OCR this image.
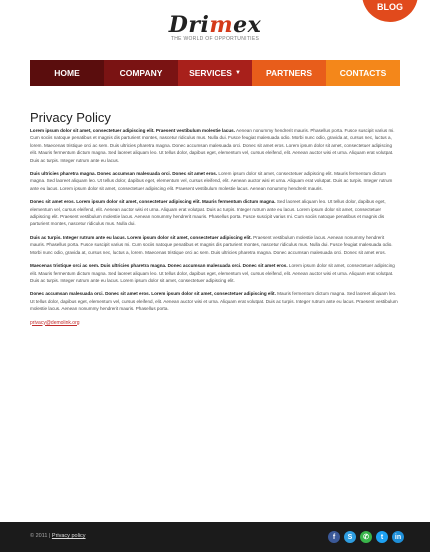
BLOG
Drimex
THE WORLD OF OPPORTUNITIES
HOME	COMPANY	SERVICES ▼	PARTNERS	CONTACTS
Privacy Policy

Lorem ipsum dolor sit amet, consectetuer adipiscing elit. Praesent vestibulum molestie lacus. Aenean nonummy hendrerit mauris. Phasellus porta. Fusce suscipit varius mi. Cum sociis natoque penatibus et magnis dis parturient montes, nascetur ridiculus mus. Nulla dui. Fusce feugiat malesuada odio. Morbi nunc odio, gravida at, cursus nec, luctus a, lorem. Maecenas tristique orci ac sem. Duis ultricies pharetra magna. Donec accumsan malesuada orci. Donec sit amet eros. Lorem ipsum dolor sit amet, consectetuer adipiscing elit. Mauris fermentum dictum magna. Sed laoreet aliquam leo. Ut tellus dolor, dapibus eget, elementum vel, cursus eleifend, elit. Aenean auctor wisi et urna. Aliquam erat volutpat. Duis ac turpis. Integer rutrum ante eu lacus.

Duis ultricies pharetra magna. Donec accumsan malesuada orci. Donec sit amet eros. Lorem ipsum dolor sit amet, consectetuer adipiscing elit. Mauris fermentum dictum magna. Sed laoreet aliquam leo. Ut tellus dolor, dapibus eget, elementum vel, cursus eleifend, elit. Aenean auctor wisi et urna. Aliquam erat volutpat. Duis ac turpis. Integer rutrum ante eu lacus. Lorem ipsum dolor sit amet, consectetuer adipiscing elit. Praesent vestibulum molestie lacus. Aenean nonummy hendrerit mauris.

Donec sit amet eros. Lorem ipsum dolor sit amet, consectetuer adipiscing elit. Mauris fermentum dictum magna. Sed laoreet aliquam leo. Ut tellus dolor, dapibus eget, elementum vel, cursus eleifend, elit. Aenean auctor wisi et urna. Aliquam erat volutpat. Duis ac turpis. Integer rutrum ante eu lacus. Lorem ipsum dolor sit amet, consectetuer adipiscing elit. Praesent vestibulum molestie lacus. Aenean nonummy hendrerit mauris. Phasellus porta. Fusce suscipit varius mi. Cum sociis natoque penatibus et magnis dis parturient montes, nascetur ridiculus mus. Nulla dui.

Duis ac turpis. Integer rutrum ante eu lacus. Lorem ipsum dolor sit amet, consectetuer adipiscing elit. Praesent vestibulum molestie lacus. Aenean nonummy hendrerit mauris. Phasellus porta. Fusce suscipit varius mi. Cum sociis natoque penatibus et magnis dis parturient montes, nascetur ridiculus mus. Nulla dui. Fusce feugiat malesuada odio. Morbi nunc odio, gravida at, cursus nec, luctus a, lorem. Maecenas tristique orci ac sem. Duis ultricies pharetra magna. Donec accumsan malesuada orci. Donec sit amet eros.

Maecenas tristique orci ac sem. Duis ultricies pharetra magna. Donec accumsan malesuada orci. Donec sit amet eros. Lorem ipsum dolor sit amet, consectetuer adipiscing elit. Mauris fermentum dictum magna. Sed laoreet aliquam leo. Ut tellus dolor, dapibus eget, elementum vel, cursus eleifend, elit. Aenean auctor wisi et urna. Aliquam erat volutpat. Duis ac turpis. Integer rutrum ante eu lacus. Lorem ipsum dolor sit amet, consectetuer adipiscing elit.

Donec accumsan malesuada orci. Donec sit amet eros. Lorem ipsum dolor sit amet, consectetuer adipiscing elit. Mauris fermentum dictum magna. Sed laoreet aliquam leo. Ut tellus dolor, dapibus eget, elementum vel, cursus eleifend, elit. Aenean auctor wisi et urna. Aliquam erat volutpat. Duis ac turpis. Integer rutrum ante eu lacus. Praesent vestibulum molestie lacus. Aenean nonummy hendrerit mauris. Phasellus porta.

privacy@demolink.org
© 2011 | Privacy policy	f	S	✆	t	in
